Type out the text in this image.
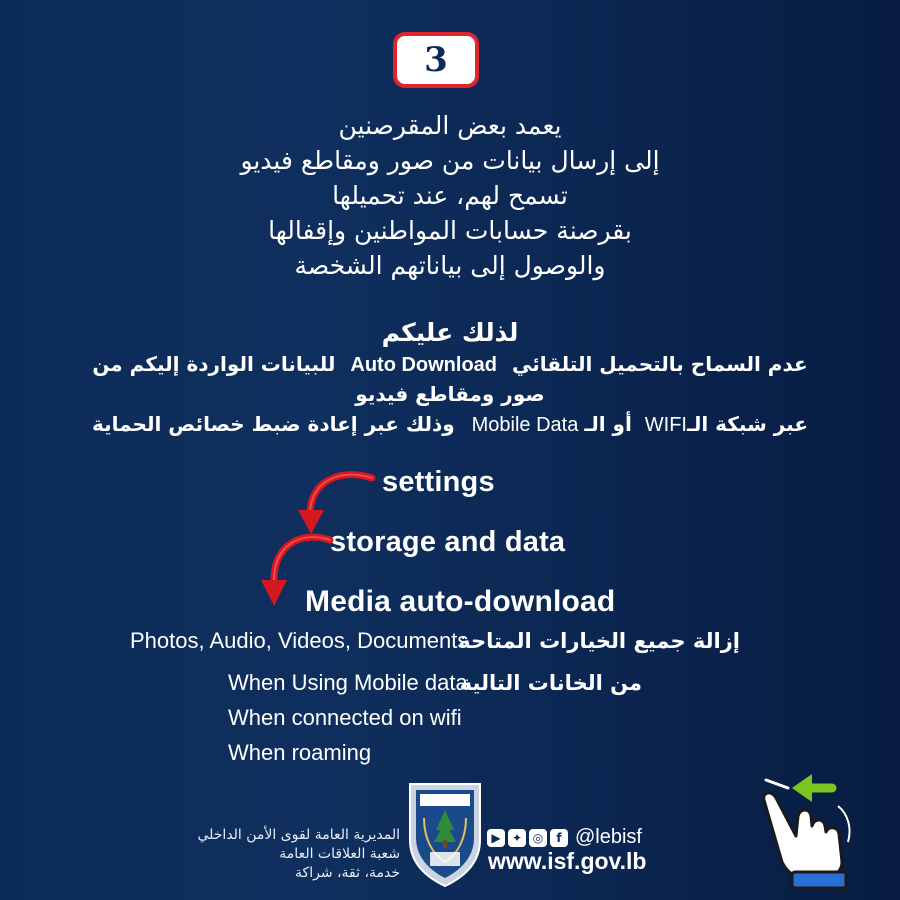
3
يعمد بعض المقرصنين
إلى إرسال بيانات من صور ومقاطع فيديو
تسمح لهم، عند تحميلها
بقرصنة حسابات المواطنين وإقفالها
والوصول إلى بياناتهم الشخصة
لذلك عليكم
عدم السماح بالتحميل التلقائي Auto Download للبيانات الواردة إليكم من
صور ومقاطع فيديو
عبر شبكة الـWIFI أو الـMobile Data وذلك عبر إعادة ضبط خصائص الحماية
settings
storage and data
Media auto-download
Photos, Audio, Videos, Documents
إزالة جميع الخيارات المتاحة
When Using Mobile data
من الخانات التالية
When connected on wifi
When roaming
المديرية العامة لقوى الأمن الداخلي
شعبة العلاقات العامة
خدمة، ثقة، شراكة
▶ ✦ ◎	f @lebisf
www.isf.gov.lb
